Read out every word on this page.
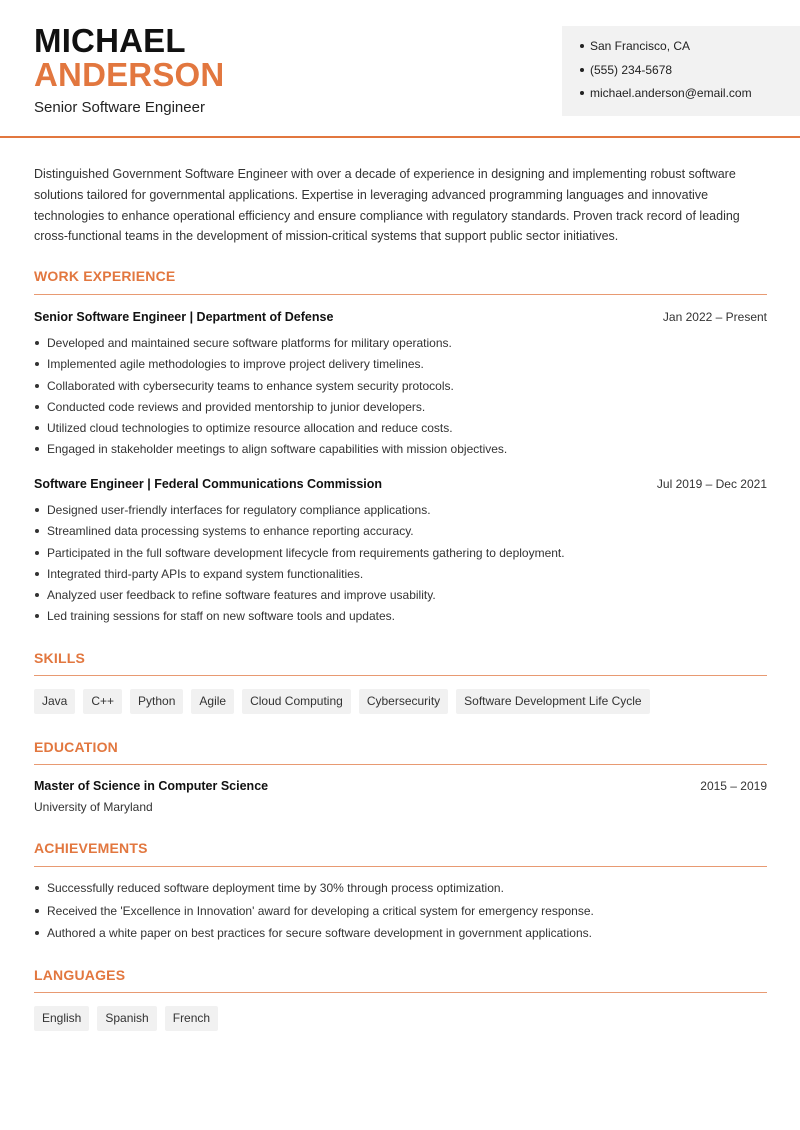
MICHAEL
ANDERSON
Senior Software Engineer
San Francisco, CA
(555) 234-5678
michael.anderson@email.com

Distinguished Government Software Engineer with over a decade of experience in designing and implementing robust software solutions tailored for governmental applications. Expertise in leveraging advanced programming languages and innovative technologies to enhance operational efficiency and ensure compliance with regulatory standards. Proven track record of leading cross-functional teams in the development of mission-critical systems that support public sector initiatives.

WORK EXPERIENCE
Senior Software Engineer | Department of Defense	Jan 2022 – Present
Developed and maintained secure software platforms for military operations.
Implemented agile methodologies to improve project delivery timelines.
Collaborated with cybersecurity teams to enhance system security protocols.
Conducted code reviews and provided mentorship to junior developers.
Utilized cloud technologies to optimize resource allocation and reduce costs.
Engaged in stakeholder meetings to align software capabilities with mission objectives.
Software Engineer | Federal Communications Commission	Jul 2019 – Dec 2021
Designed user-friendly interfaces for regulatory compliance applications.
Streamlined data processing systems to enhance reporting accuracy.
Participated in the full software development lifecycle from requirements gathering to deployment.
Integrated third-party APIs to expand system functionalities.
Analyzed user feedback to refine software features and improve usability.
Led training sessions for staff on new software tools and updates.
SKILLS
Java	C++	Python	Agile	Cloud Computing	Cybersecurity	Software Development Life Cycle
EDUCATION
Master of Science in Computer Science	2015 – 2019
University of Maryland
ACHIEVEMENTS
Successfully reduced software deployment time by 30% through process optimization.
Received the 'Excellence in Innovation' award for developing a critical system for emergency response.
Authored a white paper on best practices for secure software development in government applications.
LANGUAGES
English	Spanish	French
